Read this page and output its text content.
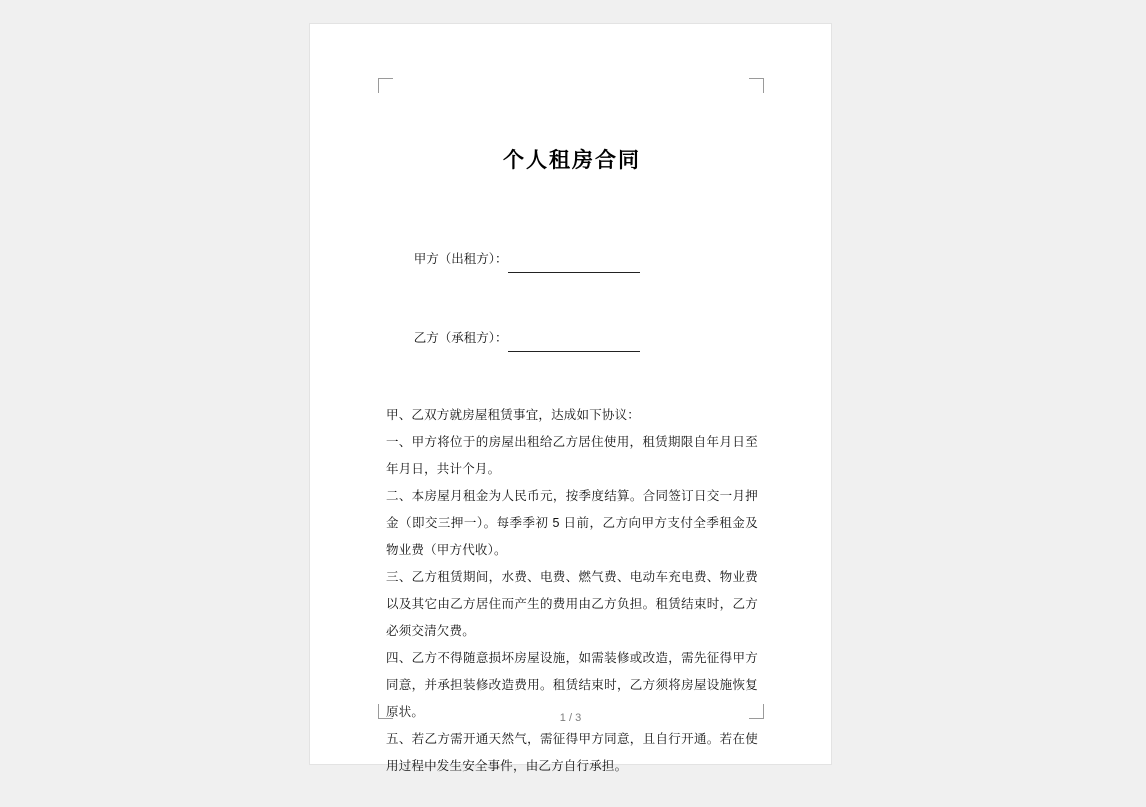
个人租房合同

甲方（出租方）：

乙方（承租方）：

甲、乙双方就房屋租赁事宜，达成如下协议：

一、甲方将位于的房屋出租给乙方居住使用，租赁期限自年月日至年月日，共计个月。

二、本房屋月租金为人民币元，按季度结算。合同签订日交一月押金（即交三押一）。每季季初 5 日前，乙方向甲方支付全季租金及物业费（甲方代收）。

三、乙方租赁期间，水费、电费、燃气费、电动车充电费、物业费以及其它由乙方居住而产生的费用由乙方负担。租赁结束时，乙方必须交清欠费。

四、乙方不得随意损坏房屋设施，如需装修或改造，需先征得甲方同意，并承担装修改造费用。租赁结束时，乙方须将房屋设施恢复原状。

五、若乙方需开通天然气，需征得甲方同意，且自行开通。若在使用过程中发生安全事件，由乙方自行承担。

1 / 3
